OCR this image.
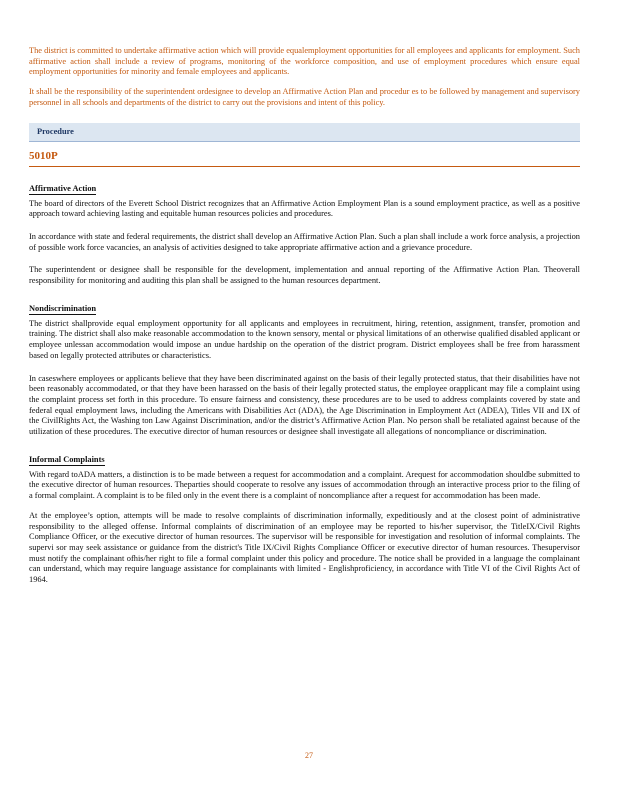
The district is committed to undertake affirmative action which will provide equalemployment opportunities for all employees and applicants for employment. Such affirmative action shall include a review of programs, monitoring of the workforce composition, and use of employment procedures which ensure equal employment opportunities for minority and female employees and applicants.

It shall be the responsibility of the superintendent ordesignee to develop an Affirmative Action Plan and procedur es to be followed by management and supervisory personnel in all schools and departments of the district to carry out the provisions and intent of this policy.

Procedure
5010P
Affirmative Action

The board of directors of the Everett School District recognizes that an Affirmative Action Employment Plan is a sound employment practice, as well as a positive approach toward achieving lasting and equitable human resources policies and procedures.

In accordance with state and federal requirements, the district shall develop an Affirmative Action Plan. Such a plan shall include a work force analysis, a projection of possible work force vacancies, an analysis of activities designed to take appropriate affirmative action and a grievance procedure.

The superintendent or designee shall be responsible for the development, implementation and annual reporting of the Affirmative Action Plan. Theoverall responsibility for monitoring and auditing this plan shall be assigned to the human resources department.

Nondiscrimination

The district shallprovide equal employment opportunity for all applicants and employees in recruitment, hiring, retention, assignment, transfer, promotion and training. The district shall also make reasonable accommodation to the known sensory, mental or physical limitations of an otherwise qualified disabled applicant or employee unlessan accommodation would impose an undue hardship on the operation of the district program. District employees shall be free from harassment based on legally protected attributes or characteristics.

In caseswhere employees or applicants believe that they have been discriminated against on the basis of their legally protected status, that their disabilities have not been reasonably accommodated, or that they have been harassed on the basis of their legally protected status, the employee orapplicant may file a complaint using the complaint process set forth in this procedure. To ensure fairness and consistency, these procedures are to be used to address complaints covered by state and federal equal employment laws, including the Americans with Disabilities Act (ADA), the Age Discrimination in Employment Act (ADEA), Titles VII and IX of the CivilRights Act, the Washing ton Law Against Discrimination, and/or the district’s Affirmative Action Plan. No person shall be retaliated against because of the utilization of these procedures. The executive director of human resources or designee shall investigate all allegations of noncompliance or discrimination.

Informal Complaints

With regard toADA matters, a distinction is to be made between a request for accommodation and a complaint. Arequest for accommodation shouldbe submitted to the executive director of human resources. Theparties should cooperate to resolve any issues of accommodation through an interactive process prior to the filing of a formal complaint. A complaint is to be filed only in the event there is a complaint of noncompliance after a request for accommodation has been made.

At the employee’s option, attempts will be made to resolve complaints of discrimination informally, expeditiously and at the closest point of administrative responsibility to the alleged offense. Informal complaints of discrimination of an employee may be reported to his/her supervisor, the TitleIX/Civil Rights Compliance Officer, or the executive director of human resources. The supervisor will be responsible for investigation and resolution of informal complaints. The supervi sor may seek assistance or guidance from the district's Title IX/Civil Rights Compliance Officer or executive director of human resources. Thesupervisor must notify the complainant ofhis/her right to file a formal complaint under this policy and procedure. The notice shall be provided in a language the complainant can understand, which may require language assistance for complainants with limited - Englishproficiency, in accordance with Title VI of the Civil Rights Act of 1964.

27
